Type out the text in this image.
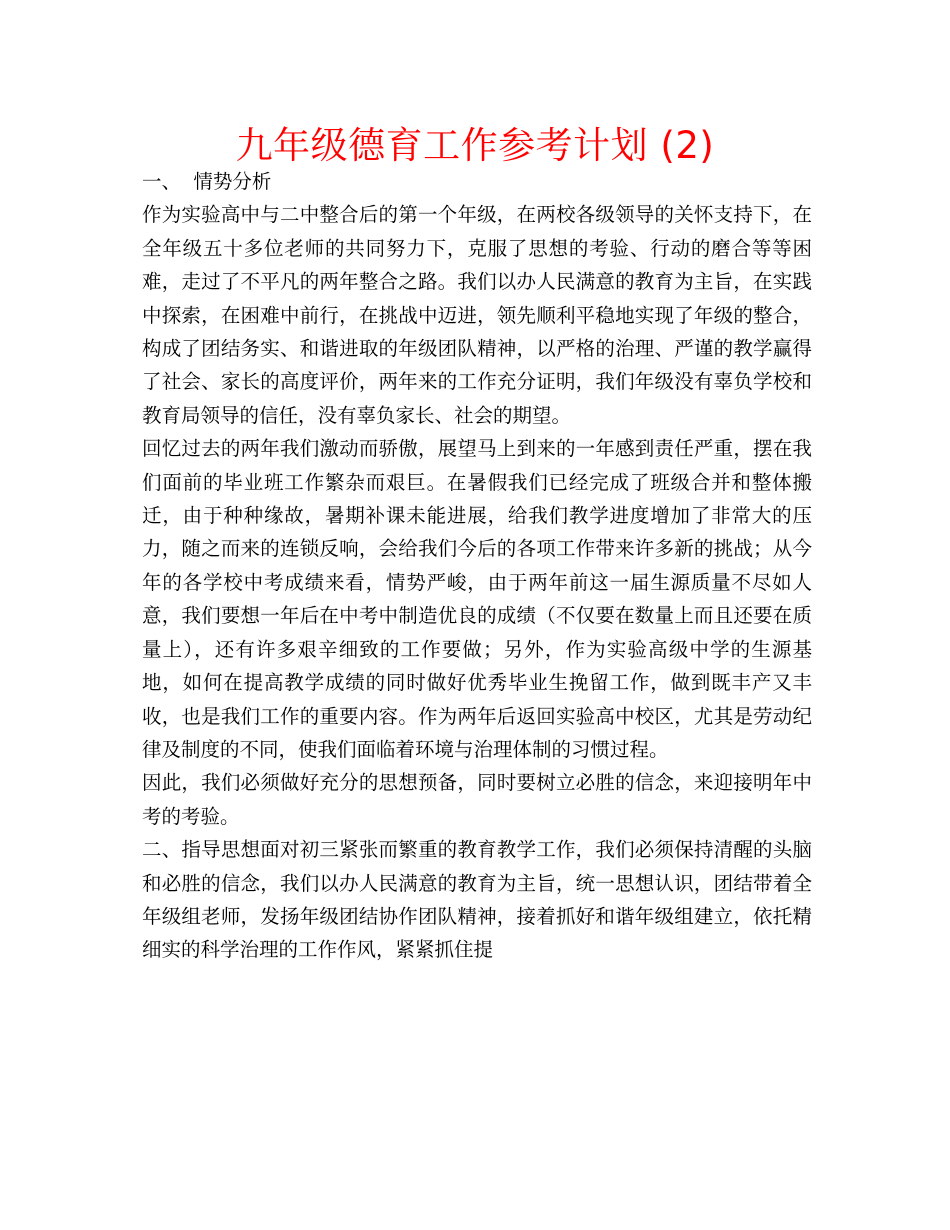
九年级德育工作参考计划 (2)

一、  情势分析

作为实验高中与二中整合后的第一个年级，在两校各级领导的关怀支持下，在全年级五十多位老师的共同努力下，克服了思想的考验、行动的磨合等等困难，走过了不平凡的两年整合之路。我们以办人民满意的教育为主旨，在实践中探索，在困难中前行，在挑战中迈进，领先顺利平稳地实现了年级的整合，构成了团结务实、和谐进取的年级团队精神，以严格的治理、严谨的教学赢得了社会、家长的高度评价，两年来的工作充分证明，我们年级没有辜负学校和教育局领导的信任，没有辜负家长、社会的期望。

回忆过去的两年我们激动而骄傲，展望马上到来的一年感到责任严重，摆在我们面前的毕业班工作繁杂而艰巨。在暑假我们已经完成了班级合并和整体搬迁，由于种种缘故，暑期补课未能进展，给我们教学进度增加了非常大的压力，随之而来的连锁反响，会给我们今后的各项工作带来许多新的挑战；从今年的各学校中考成绩来看，情势严峻，由于两年前这一届生源质量不尽如人意，我们要想一年后在中考中制造优良的成绩（不仅要在数量上而且还要在质量上），还有许多艰辛细致的工作要做；另外，作为实验高级中学的生源基地，如何在提高教学成绩的同时做好优秀毕业生挽留工作，做到既丰产又丰收，也是我们工作的重要内容。作为两年后返回实验高中校区，尤其是劳动纪律及制度的不同，使我们面临着环境与治理体制的习惯过程。

因此，我们必须做好充分的思想预备，同时要树立必胜的信念，来迎接明年中考的考验。

二、指导思想面对初三紧张而繁重的教育教学工作，我们必须保持清醒的头脑和必胜的信念，我们以办人民满意的教育为主旨，统一思想认识，团结带着全年级组老师，发扬年级团结协作团队精神，接着抓好和谐年级组建立，依托精细实的科学治理的工作作风，紧紧抓住提
